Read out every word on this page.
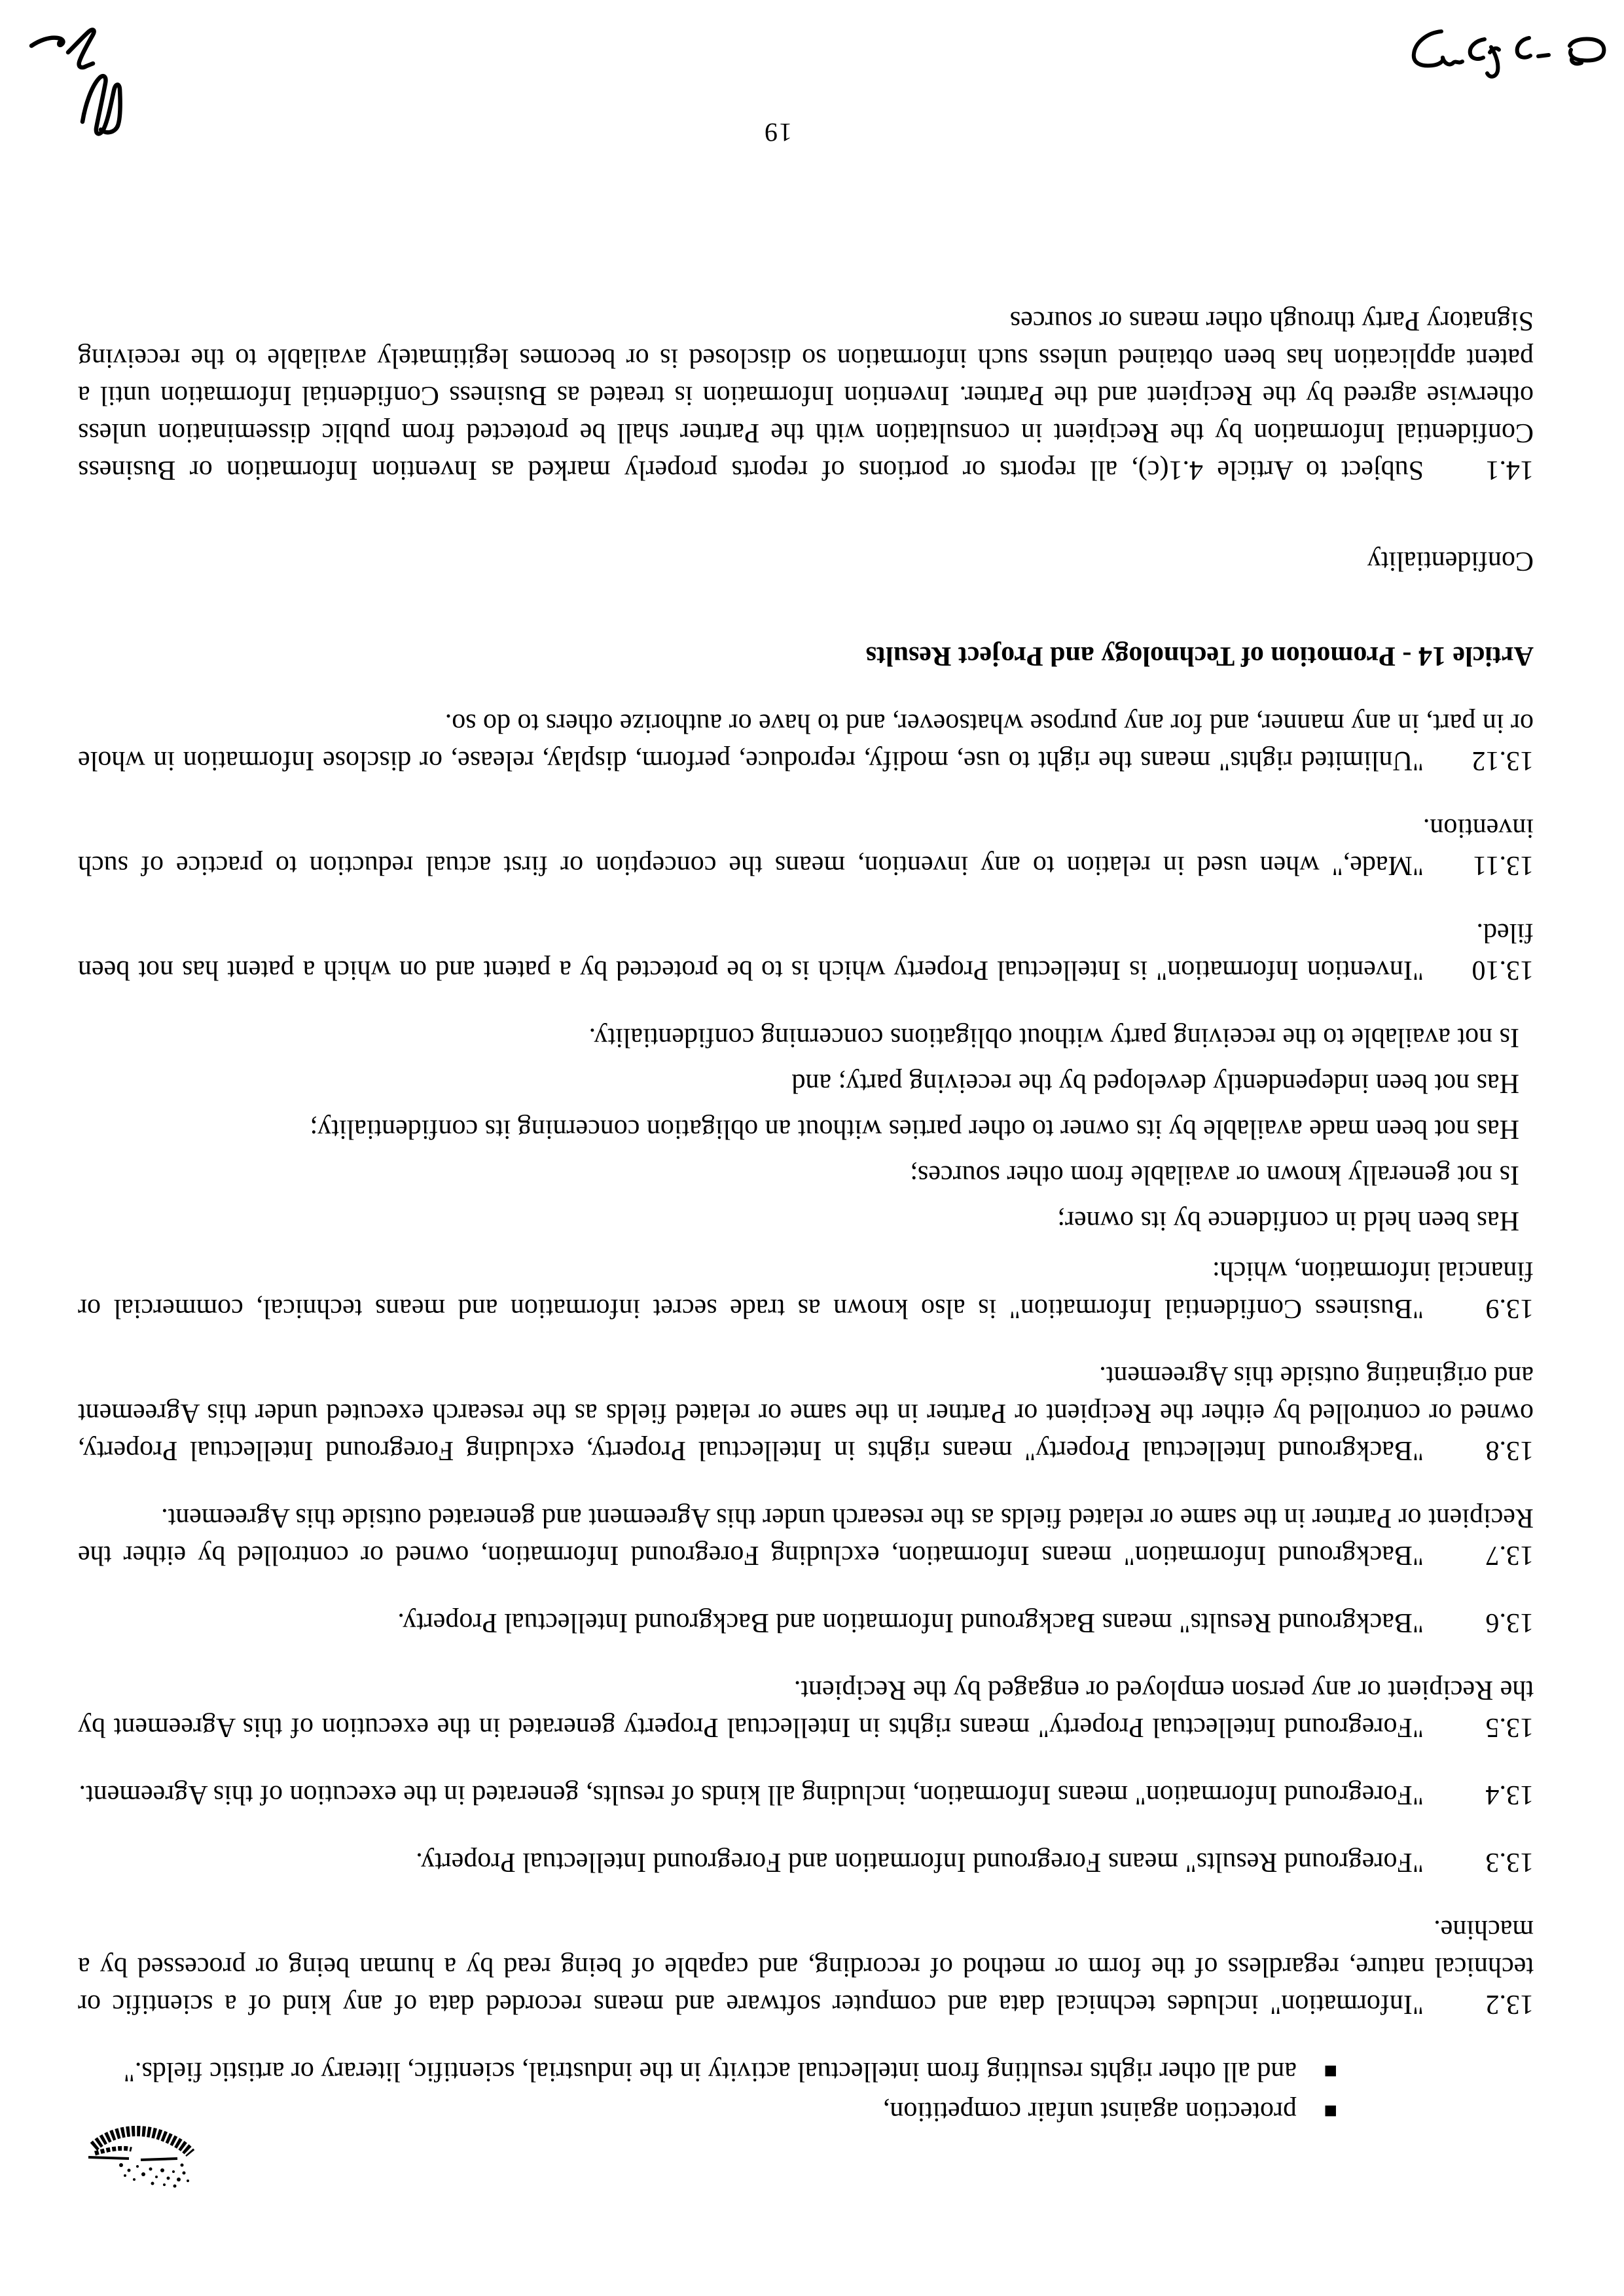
■protection against unfair competition,

■and all other rights resulting from intellectual activity in the industrial, scientific, literary or artistic fields."

13.2"Information" includes technical data and computer software and means recorded data of any kind of a scientific or technical nature, regardless of the form or method of recording, and capable of being read by a human being or processed by a machine.

13.3"Foreground Results" means Foreground Information and Foreground Intellectual Property.

13.4"Foreground Information" means Information, including all kinds of results, generated in the execution of this Agreement.

13.5"Foreground Intellectual Property" means rights in Intellectual Property generated in the execution of this Agreement by the Recipient or any person employed or engaged by the Recipient.

13.6"Background Results" means Background Information and Background Intellectual Property.

13.7"Background Information" means Information, excluding Foreground Information, owned or controlled by either the Recipient or Partner in the same or related fields as the research under this Agreement and generated outside this Agreement.

13.8"Background Intellectual Property" means rights in Intellectual Property, excluding Foreground Intellectual Property, owned or controlled by either the Recipient or Partner in the same or related fields as the research executed under this Agreement and originating outside this Agreement.

13.9"Business Confidential Information" is also known as trade secret information and means technical, commercial or financial information, which:

Has been held in confidence by its owner;

Is not generally known or available from other sources;

Has not been made available by its owner to other parties without an obligation concerning its confidentiality;

Has not been independently developed by the receiving party; and

Is not available to the receiving party without obligations concerning confidentiality.

13.10"Invention Information" is Intellectual Property which is to be protected by a patent and on which a patent has not been filed.

13.11"Made," when used in relation to any invention, means the conception or first actual reduction to practice of such invention.

13.12"Unlimited rights" means the right to use, modify, reproduce, perform, display, release, or disclose Information in whole or in part, in any manner, and for any purpose whatsoever, and to have or authorize others to do so.

Article 14 - Promotion of Technology and Project Results

Confidentiality

14.1Subject to Article 4.1(c), all reports or portions of reports properly marked as Invention Information or Business Confidential Information by the Recipient in consultation with the Partner shall be protected from public dissemination unless otherwise agreed by the Recipient and the Partner. Invention Information is treated as Business Confidential Information until a patent application has been obtained unless such information so disclosed is or becomes legitimately available to the receiving Signatory Party through other means or sources

19
